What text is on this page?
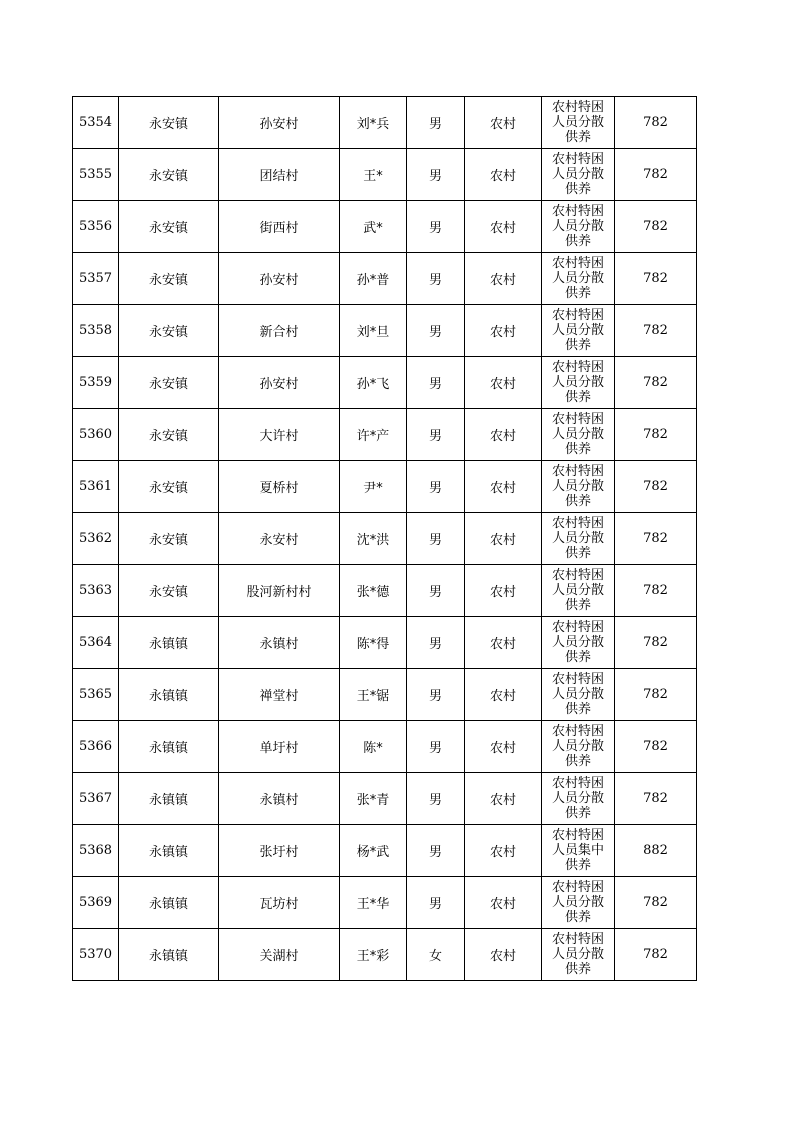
5354	永安镇	孙安村	刘*兵	男	农村	农村特困人员分散供养	782
5355	永安镇	团结村	王*	男	农村	农村特困人员分散供养	782
5356	永安镇	街西村	武*	男	农村	农村特困人员分散供养	782
5357	永安镇	孙安村	孙*普	男	农村	农村特困人员分散供养	782
5358	永安镇	新合村	刘*旦	男	农村	农村特困人员分散供养	782
5359	永安镇	孙安村	孙*飞	男	农村	农村特困人员分散供养	782
5360	永安镇	大许村	许*产	男	农村	农村特困人员分散供养	782
5361	永安镇	夏桥村	尹*	男	农村	农村特困人员分散供养	782
5362	永安镇	永安村	沈*洪	男	农村	农村特困人员分散供养	782
5363	永安镇	股河新村村	张*德	男	农村	农村特困人员分散供养	782
5364	永镇镇	永镇村	陈*得	男	农村	农村特困人员分散供养	782
5365	永镇镇	禅堂村	王*锯	男	农村	农村特困人员分散供养	782
5366	永镇镇	单圩村	陈*	男	农村	农村特困人员分散供养	782
5367	永镇镇	永镇村	张*青	男	农村	农村特困人员分散供养	782
5368	永镇镇	张圩村	杨*武	男	农村	农村特困人员集中供养	882
5369	永镇镇	瓦坊村	王*华	男	农村	农村特困人员分散供养	782
5370	永镇镇	关湖村	王*彩	女	农村	农村特困人员分散供养	782
